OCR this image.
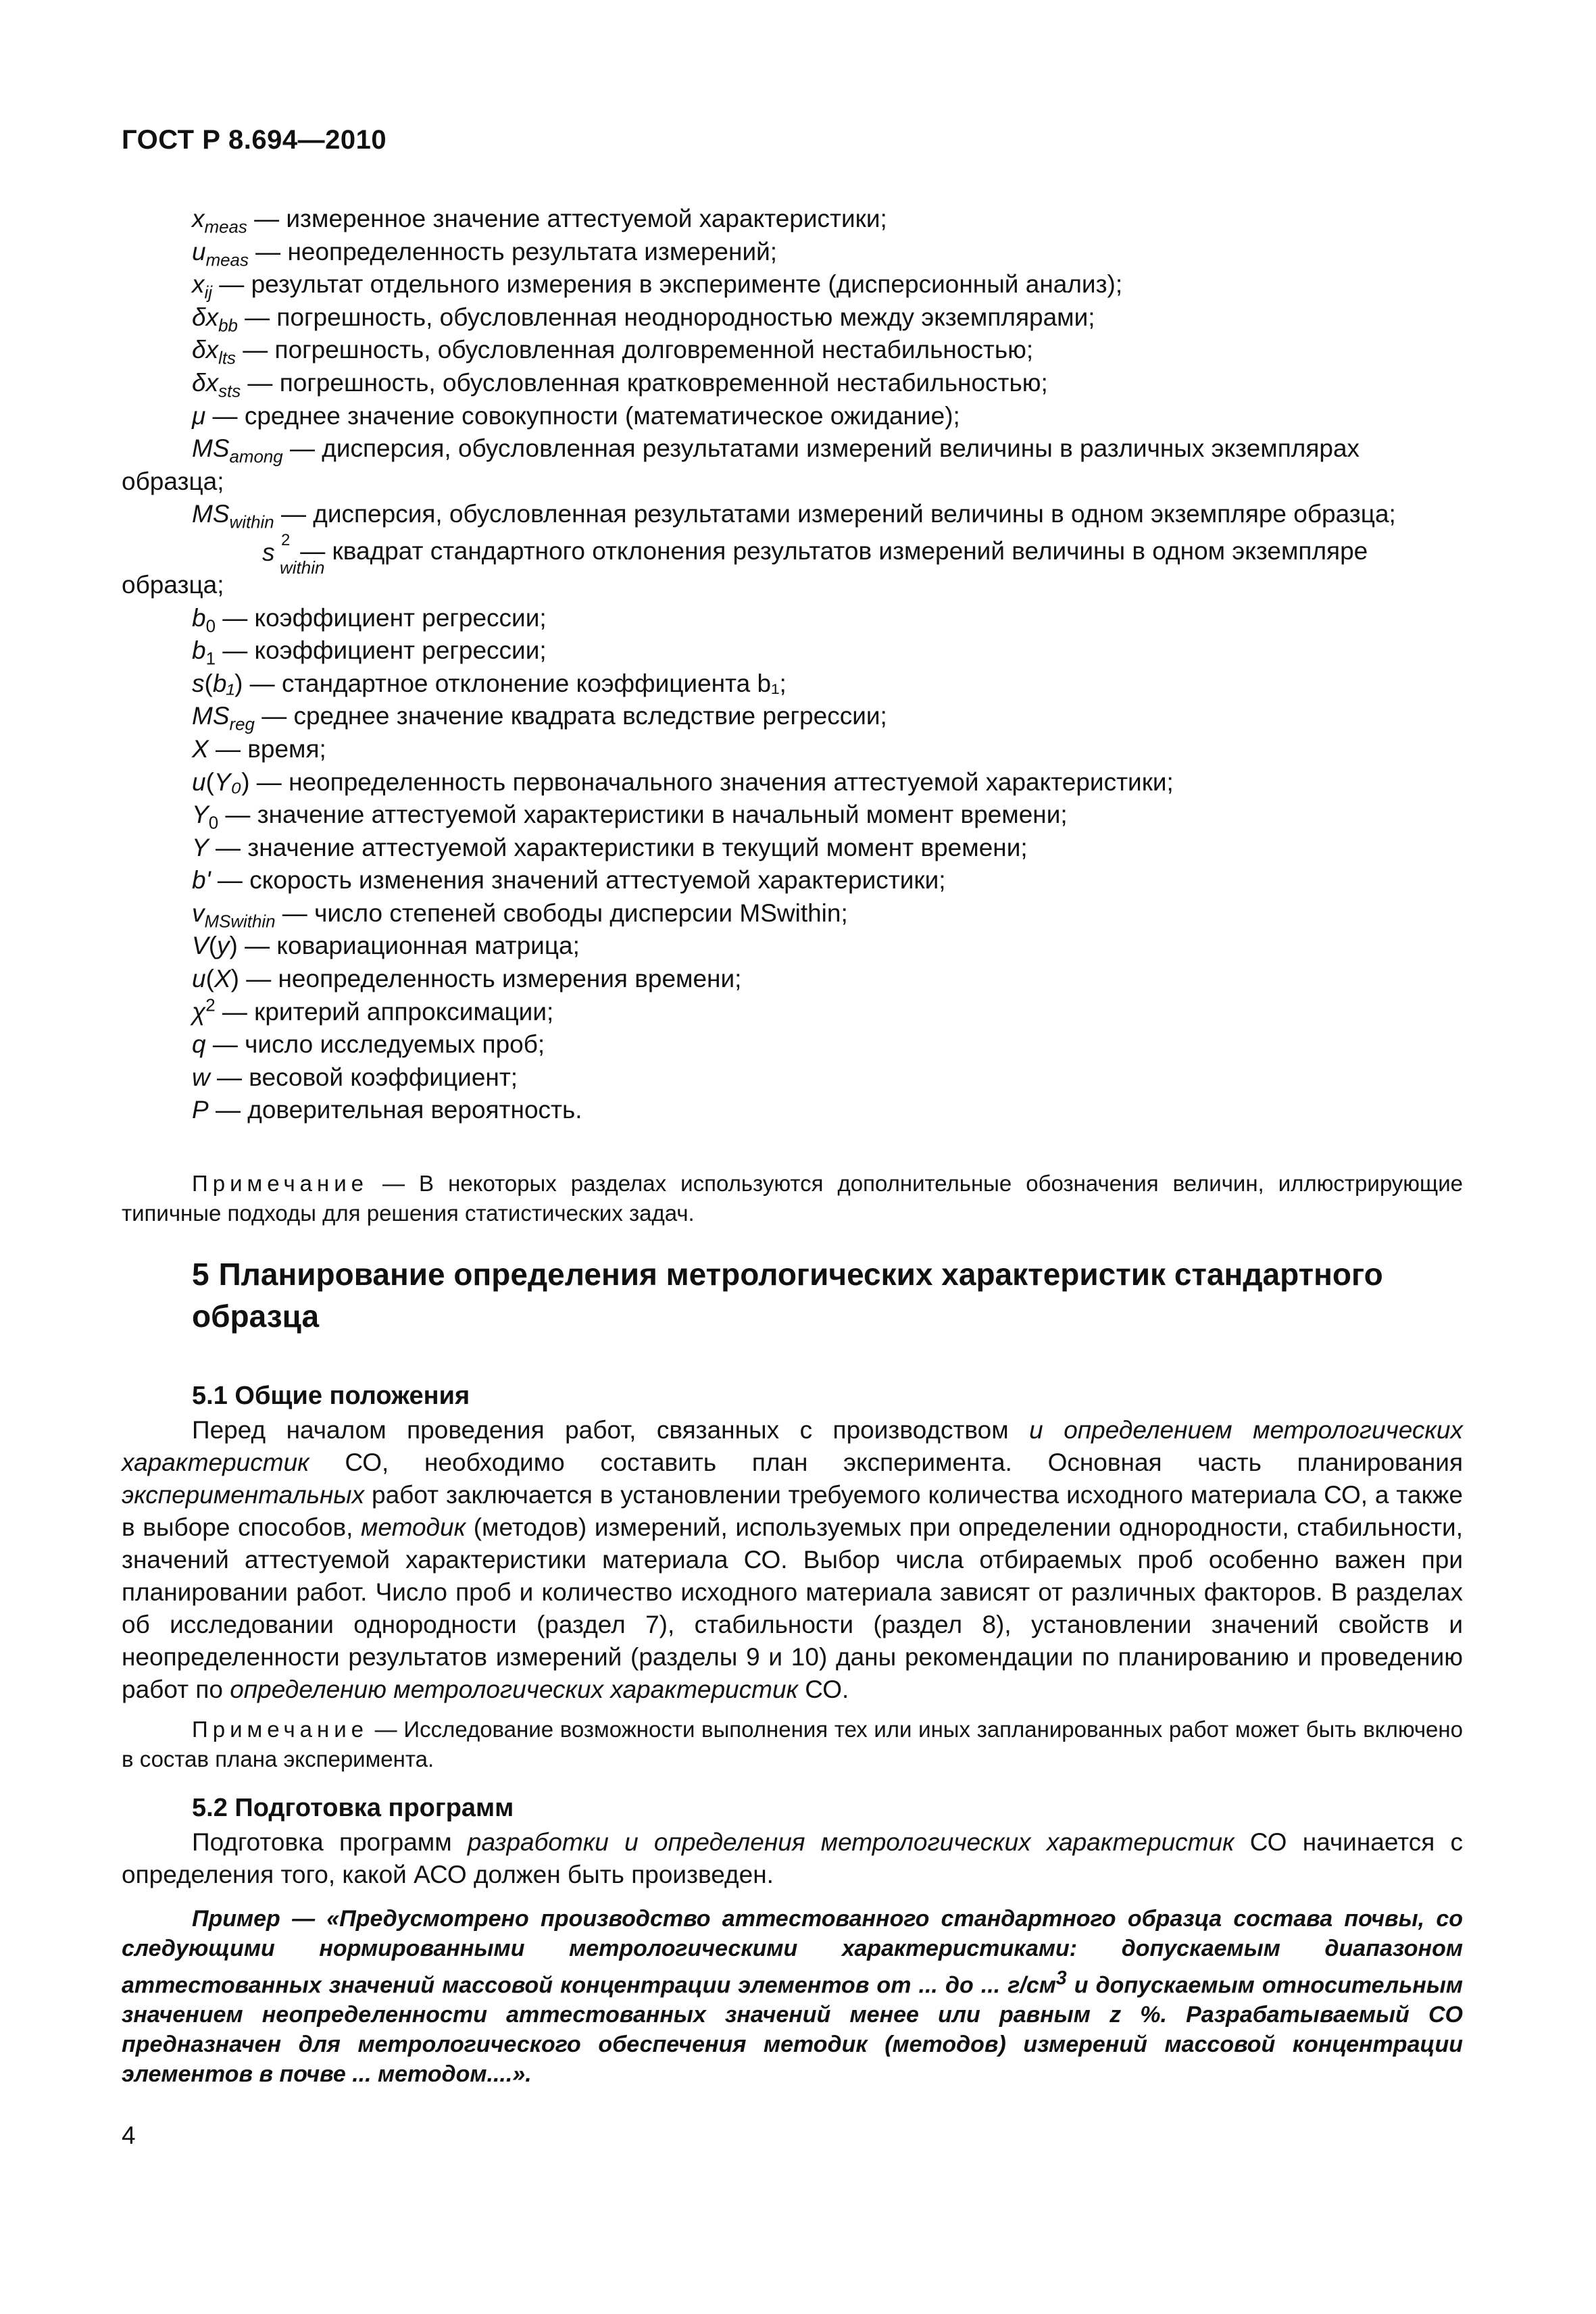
ГОСТ Р 8.694—2010
$x_{meas}$ — измеренное значение аттестуемой характеристики;
$u_{meas}$ — неопределенность результата измерений;
$x_{ij}$ — результат отдельного измерения в эксперименте (дисперсионный анализ);
$\delta x_{bb}$ — погрешность, обусловленная неоднородностью между экземплярами;
$\delta x_{lts}$ — погрешность, обусловленная долговременной нестабильностью;
$\delta x_{sts}$ — погрешность, обусловленная кратковременной нестабильностью;
μ — среднее значение совокупности (математическое ожидание);
$MS_{among}$ — дисперсия, обусловленная результатами измерений величины в различных экземплярах образца;
$MS_{within}$ — дисперсия, обусловленная результатами измерений величины в одном экземпляре образца;
s 2
within
— квадрат стандартного отклонения результатов измерений величины в одном экземпляре образца;
$b_0$ — коэффициент регрессии;
$b_1$ — коэффициент регрессии;
s(b₁) — стандартное отклонение коэффициента b₁;
$MS_{reg}$ — среднее значение квадрата вследствие регрессии;
X — время;
u(Y₀) — неопределенность первоначального значения аттестуемой характеристики;
$Y_0$ — значение аттестуемой характеристики в начальный момент времени;
Y — значение аттестуемой характеристики в текущий момент времени;
b' — скорость изменения значений аттестуемой характеристики;
$v_{MSwithin}$ — число степеней свободы дисперсии MSwithin;
V(y) — ковариационная матрица;
u(X) — неопределенность измерения времени;
$\chi^2$ — критерий аппроксимации;
q — число исследуемых проб;
w — весовой коэффициент;
P — доверительная вероятность.
Примечание — В некоторых разделах используются дополнительные обозначения величин, иллюстрирующие типичные подходы для решения статистических задач.
5 Планирование определения метрологических характеристик стандартного образца
5.1 Общие положения
Перед началом проведения работ, связанных с производством и определением метрологических характеристик СО, необходимо составить план эксперимента. Основная часть планирования экспериментальных работ заключается в установлении требуемого количества исходного материала СО, а также в выборе способов, методик (методов) измерений, используемых при определении однородности, стабильности, значений аттестуемой характеристики материала СО. Выбор числа отбираемых проб особенно важен при планировании работ. Число проб и количество исходного материала зависят от различных факторов. В разделах об исследовании однородности (раздел 7), стабильности (раздел 8), установлении значений свойств и неопределенности результатов измерений (разделы 9 и 10) даны рекомендации по планированию и проведению работ по определению метрологических характеристик СО.
Примечание — Исследование возможности выполнения тех или иных запланированных работ может быть включено в состав плана эксперимента.
5.2 Подготовка программ
Подготовка программ разработки и определения метрологических характеристик СО начинается с определения того, какой АСО должен быть произведен.
Пример — «Предусмотрено производство аттестованного стандартного образца состава почвы, со следующими нормированными метрологическими характеристиками: допускаемым диапазоном аттестованных значений массовой концентрации элементов от ... до ... $г/см^3$ и допускаемым относительным значением неопределенности аттестованных значений менее или равным z %. Разрабатываемый СО предназначен для метрологического обеспечения методик (методов) измерений массовой концентрации элементов в почве ... методом....».
4
